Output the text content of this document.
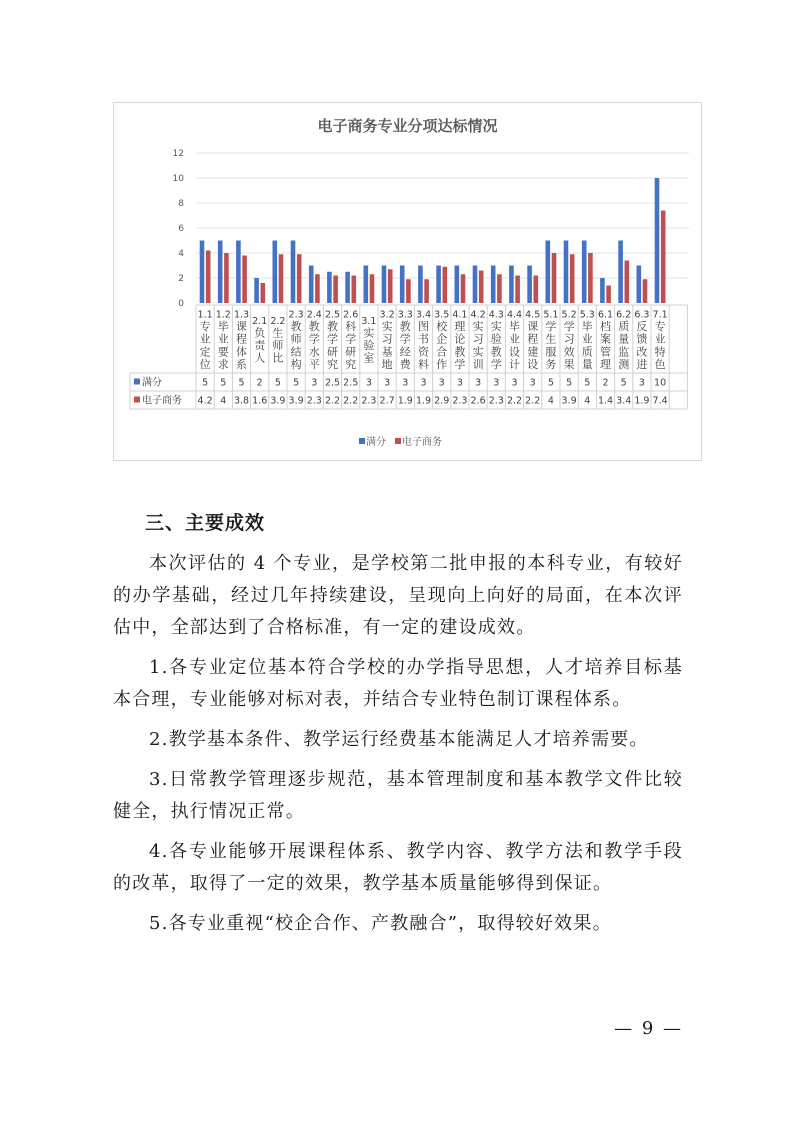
电子商务专业分项达标情况
0
2
4
6
8
10
12
1.1 专业定位
1.2 毕业要求
1.3 课程体系
2.1 负责人
2.2 生师比
2.3 教师结构
2.4 教学水平
2.5 教学研究
2.6 科学研究
3.1 实验室
3.2 实习基地
3.3 教学经费
3.4 图书资料
3.5 校企合作
4.1 理论教学
4.2 实习实训
4.3 实验教学
4.4 毕业设计
4.5 课程建设
5.1 学生服务
5.2 学习效果
5.3 毕业质量
6.1 档案管理
6.2 质量监测
6.3 反馈改进
7.1 专业特色
满分	5 5 5 2 5 5 3 2.5 2.5 3 3 3 3 3 3 3 3 3 3 5 5 5 2 5 3 10
电子商务 4.2 4 3.8 1.6 3.9 3.9 2.3 2.2 2.2 2.3 2.7 1.9 1.9 2.9 2.3 2.6 2.3 2.2 2.2 4 3.9 4 1.4 3.4 1.9 7.4
满分 电子商务
三、主要成效

本次评估的 4 个专业，是学校第二批申报的本科专业，有较好的办学基础，经过几年持续建设，呈现向上向好的局面，在本次评估中，全部达到了合格标准，有一定的建设成效。

1.各专业定位基本符合学校的办学指导思想，人才培养目标基本合理，专业能够对标对表，并结合专业特色制订课程体系。

2.教学基本条件、教学运行经费基本能满足人才培养需要。

3.日常教学管理逐步规范，基本管理制度和基本教学文件比较健全，执行情况正常。

4.各专业能够开展课程体系、教学内容、教学方法和教学手段的改革，取得了一定的效果，教学基本质量能够得到保证。

5.各专业重视“校企合作、产教融合”，取得较好效果。

— 9 —
